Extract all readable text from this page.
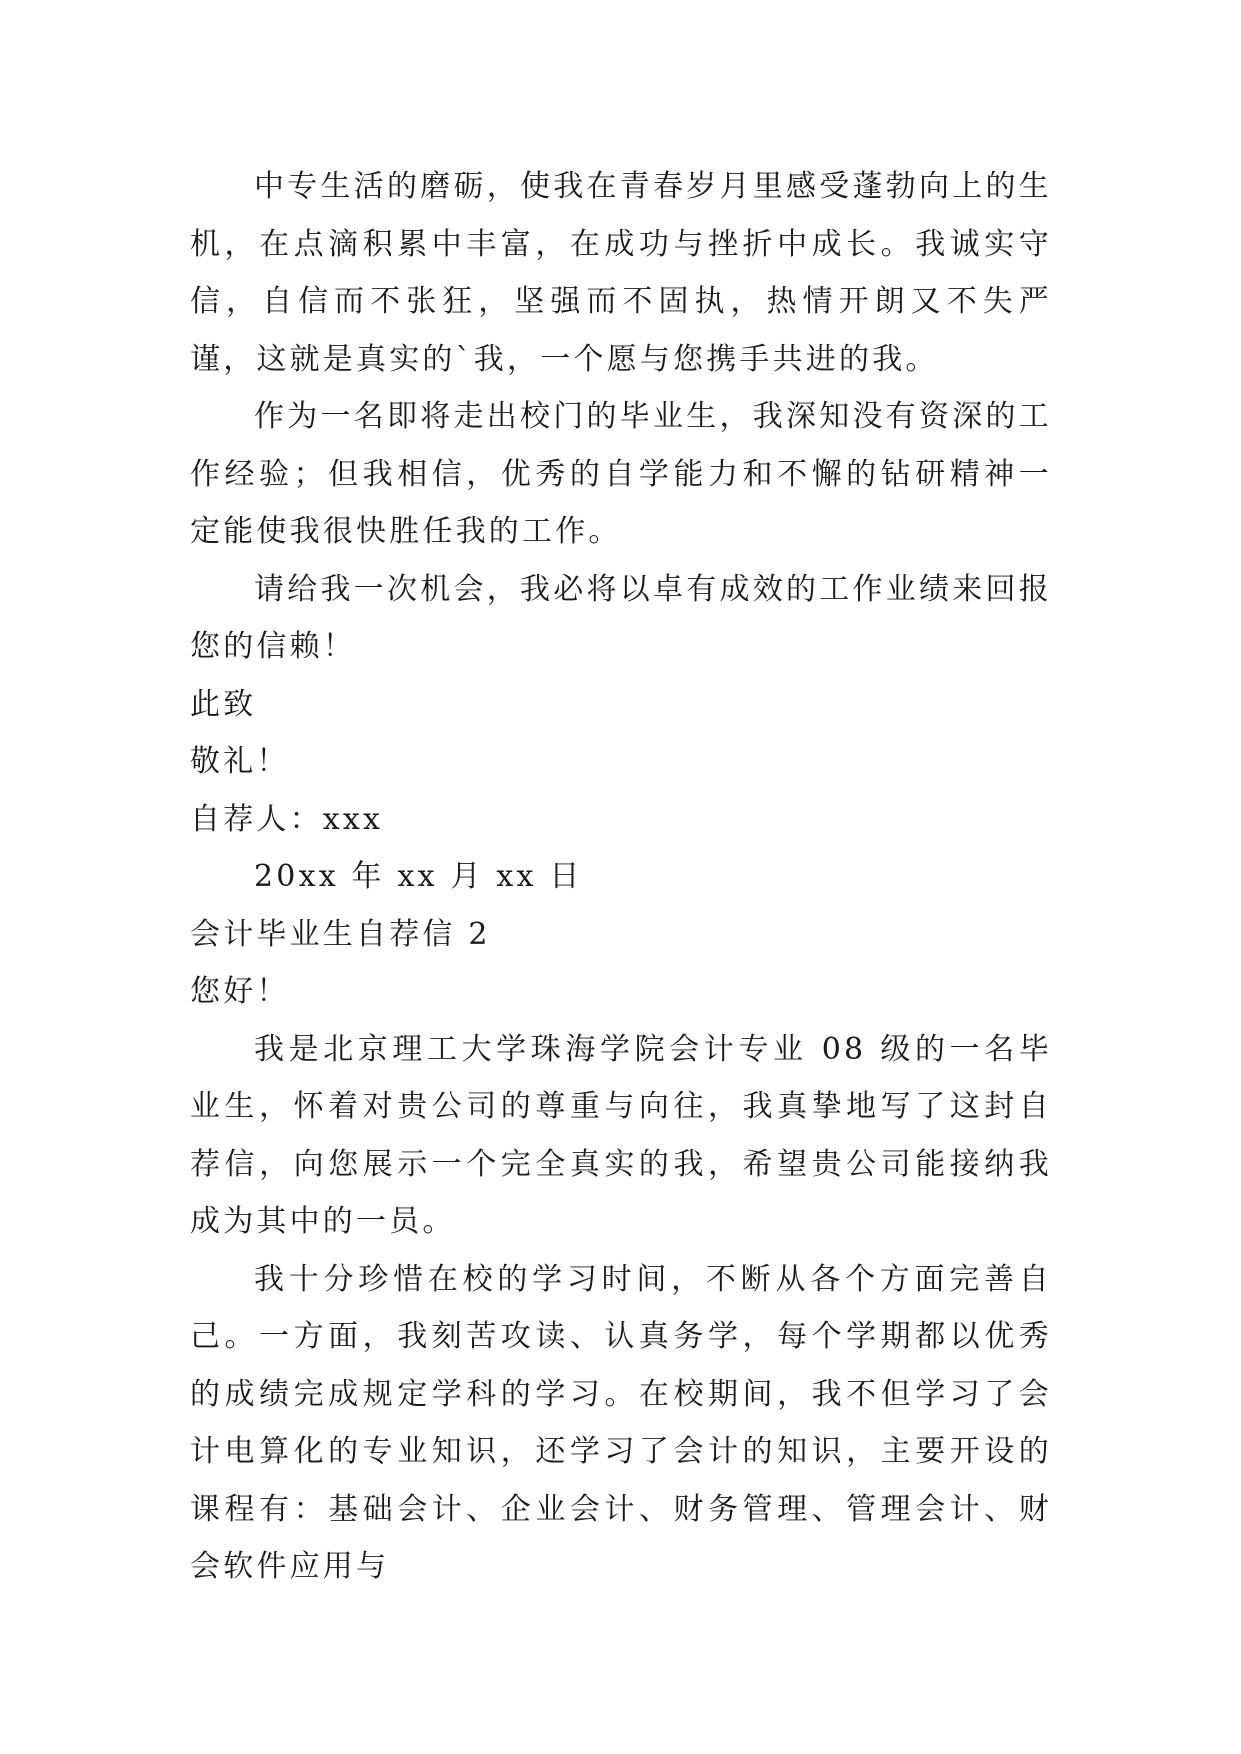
中专生活的磨砺，使我在青春岁月里感受蓬勃向上的生机，在点滴积累中丰富，在成功与挫折中成长。我诚实守信，自信而不张狂，坚强而不固执，热情开朗又不失严谨，这就是真实的`我，一个愿与您携手共进的我。

作为一名即将走出校门的毕业生，我深知没有资深的工作经验；但我相信，优秀的自学能力和不懈的钻研精神一定能使我很快胜任我的工作。

请给我一次机会，我必将以卓有成效的工作业绩来回报您的信赖！

此致

敬礼！

自荐人：xxx

20xx 年 xx 月 xx 日

会计毕业生自荐信 2

您好！

我是北京理工大学珠海学院会计专业 08 级的一名毕业生，怀着对贵公司的尊重与向往，我真挚地写了这封自荐信，向您展示一个完全真实的我，希望贵公司能接纳我成为其中的一员。

我十分珍惜在校的学习时间，不断从各个方面完善自己。一方面，我刻苦攻读、认真务学，每个学期都以优秀的成绩完成规定学科的学习。在校期间，我不但学习了会计电算化的专业知识，还学习了会计的知识，主要开设的课程有：基础会计、企业会计、财务管理、管理会计、财会软件应用与
